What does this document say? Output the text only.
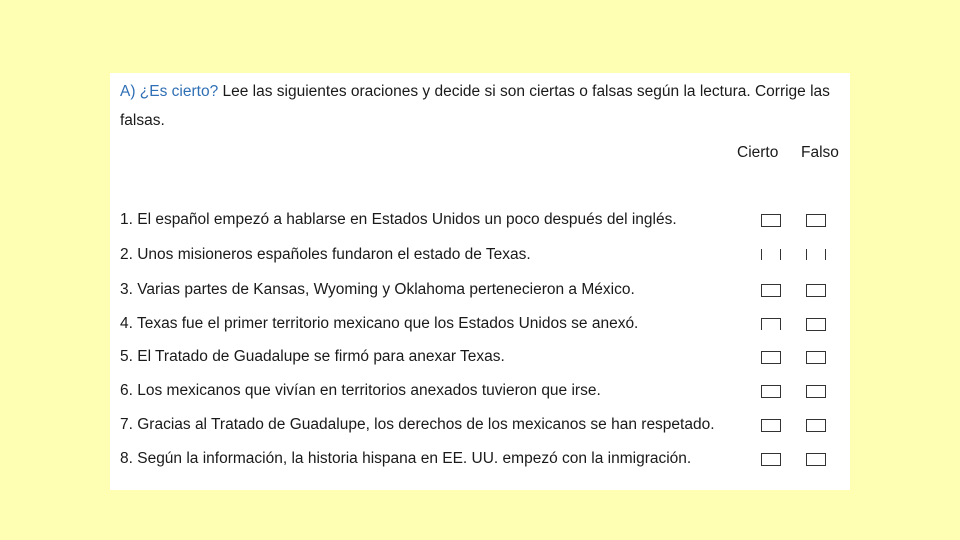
A) ¿Es cierto? Lee las siguientes oraciones y decide si son ciertas o falsas según la lectura. Corrige las falsas.
Cierto Falso
1. El español empezó a hablarse en Estados Unidos un poco después del inglés.
2. Unos misioneros españoles fundaron el estado de Texas.
3. Varias partes de Kansas, Wyoming y Oklahoma pertenecieron a México.
4. Texas fue el primer territorio mexicano que los Estados Unidos se anexó.
5. El Tratado de Guadalupe se firmó para anexar Texas.
6. Los mexicanos que vivían en territorios anexados tuvieron que irse.
7. Gracias al Tratado de Guadalupe, los derechos de los mexicanos se han respetado.
8. Según la información, la historia hispana en EE. UU. empezó con la inmigración.
